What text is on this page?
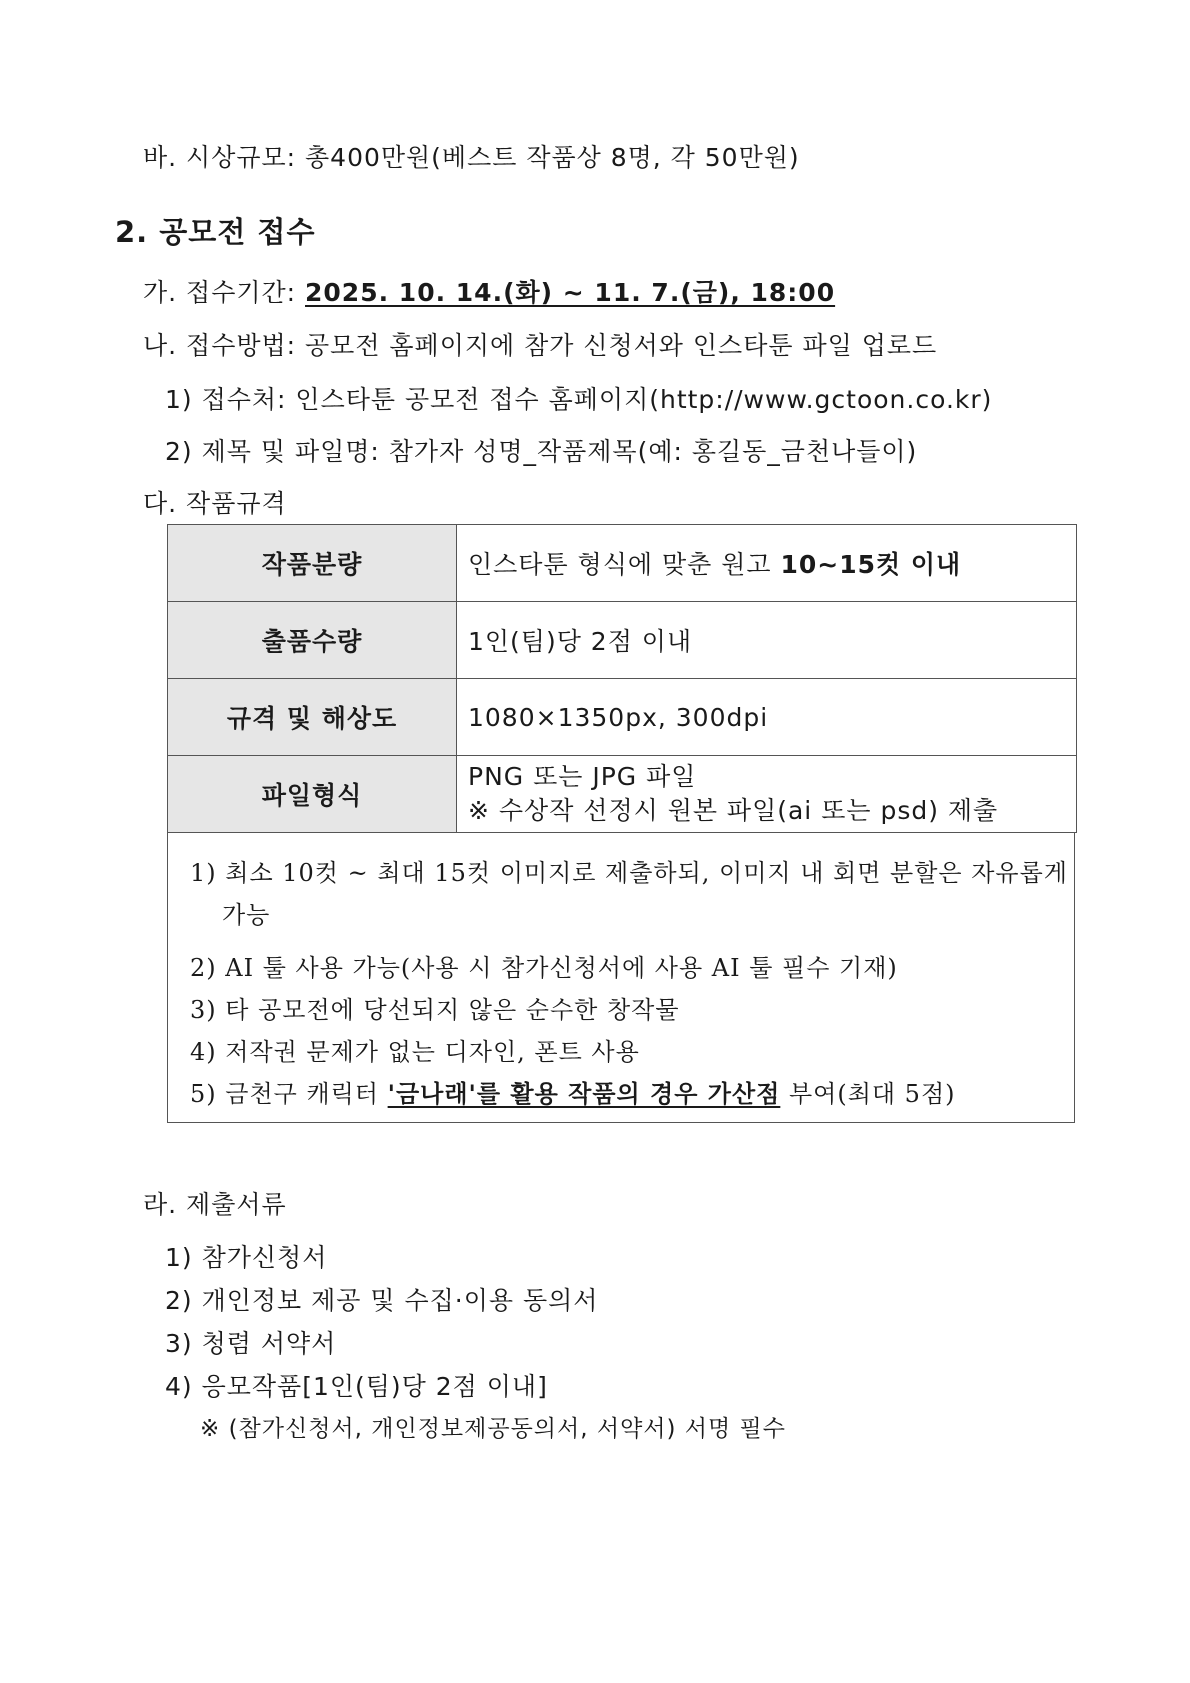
바. 시상규모: 총400만원(베스트 작품상 8명, 각 50만원)
2. 공모전 접수
가. 접수기간: 2025. 10. 14.(화) ~ 11. 7.(금), 18:00
나. 접수방법: 공모전 홈페이지에 참가 신청서와 인스타툰 파일 업로드
1) 접수처: 인스타툰 공모전 접수 홈페이지(http://www.gctoon.co.kr)
2) 제목 및 파일명: 참가자 성명_작품제목(예: 홍길동_금천나들이)
다. 작품규격
작품분량	인스타툰 형식에 맞춘 원고 10~15컷 이내
출품수량	1인(팀)당 2점 이내
규격 및 해상도	1080×1350px, 300dpi
파일형식	PNG 또는 JPG 파일
※ 수상작 선정시 원본 파일(ai 또는 psd) 제출
1) 최소 10컷 ~ 최대 15컷 이미지로 제출하되, 이미지 내 회면 분할은 자유롭게 가능
2) AI 툴 사용 가능(사용 시 참가신청서에 사용 AI 툴 필수 기재)
3) 타 공모전에 당선되지 않은 순수한 창작물
4) 저작권 문제가 없는 디자인, 폰트 사용
5) 금천구 캐릭터 '금나래'를 활용 작품의 경우 가산점 부여(최대 5점)
라. 제출서류
1) 참가신청서
2) 개인정보 제공 및 수집·이용 동의서
3) 청렴 서약서
4) 응모작품[1인(팀)당 2점 이내]
※ (참가신청서, 개인정보제공동의서, 서약서) 서명 필수
